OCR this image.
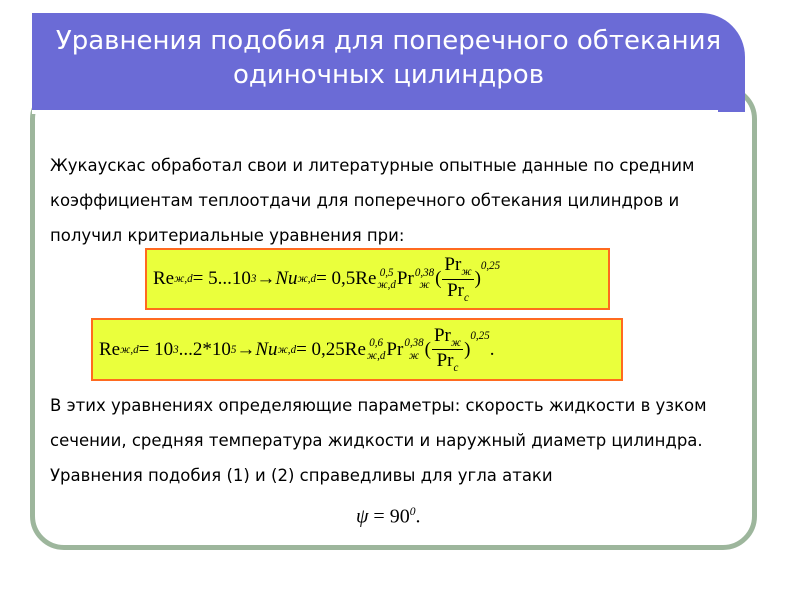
Уравнения подобия для поперечного обтекания одиночных цилиндров

Жукаускас обработал свои и литературные опытные данные по средним коэффициентам теплоотдачи для поперечного обтекания цилиндров и получил критериальные уравнения при:

Re ж,d = 5...10 3 → Nu ж,d = 0,5Re 0,5
ж,d Pr 0,38
ж ( $\frac{Pr_ж}{Pr_c}$ )
$^{0,25}$
Re ж,d = 10 3 ...2*10 5 → Nu ж,d = 0,25Re 0,6
ж,d Pr 0,38
ж ( $\frac{Pr_ж}{Pr_c}$ )
$^{0,25}$
.

В этих уравнениях определяющие параметры: скорость жидкости в узком сечении, средняя температура жидкости и наружный диаметр цилиндра. Уравнения подобия (1) и (2) справедливы для угла атаки

$\psi = 90^0$.
